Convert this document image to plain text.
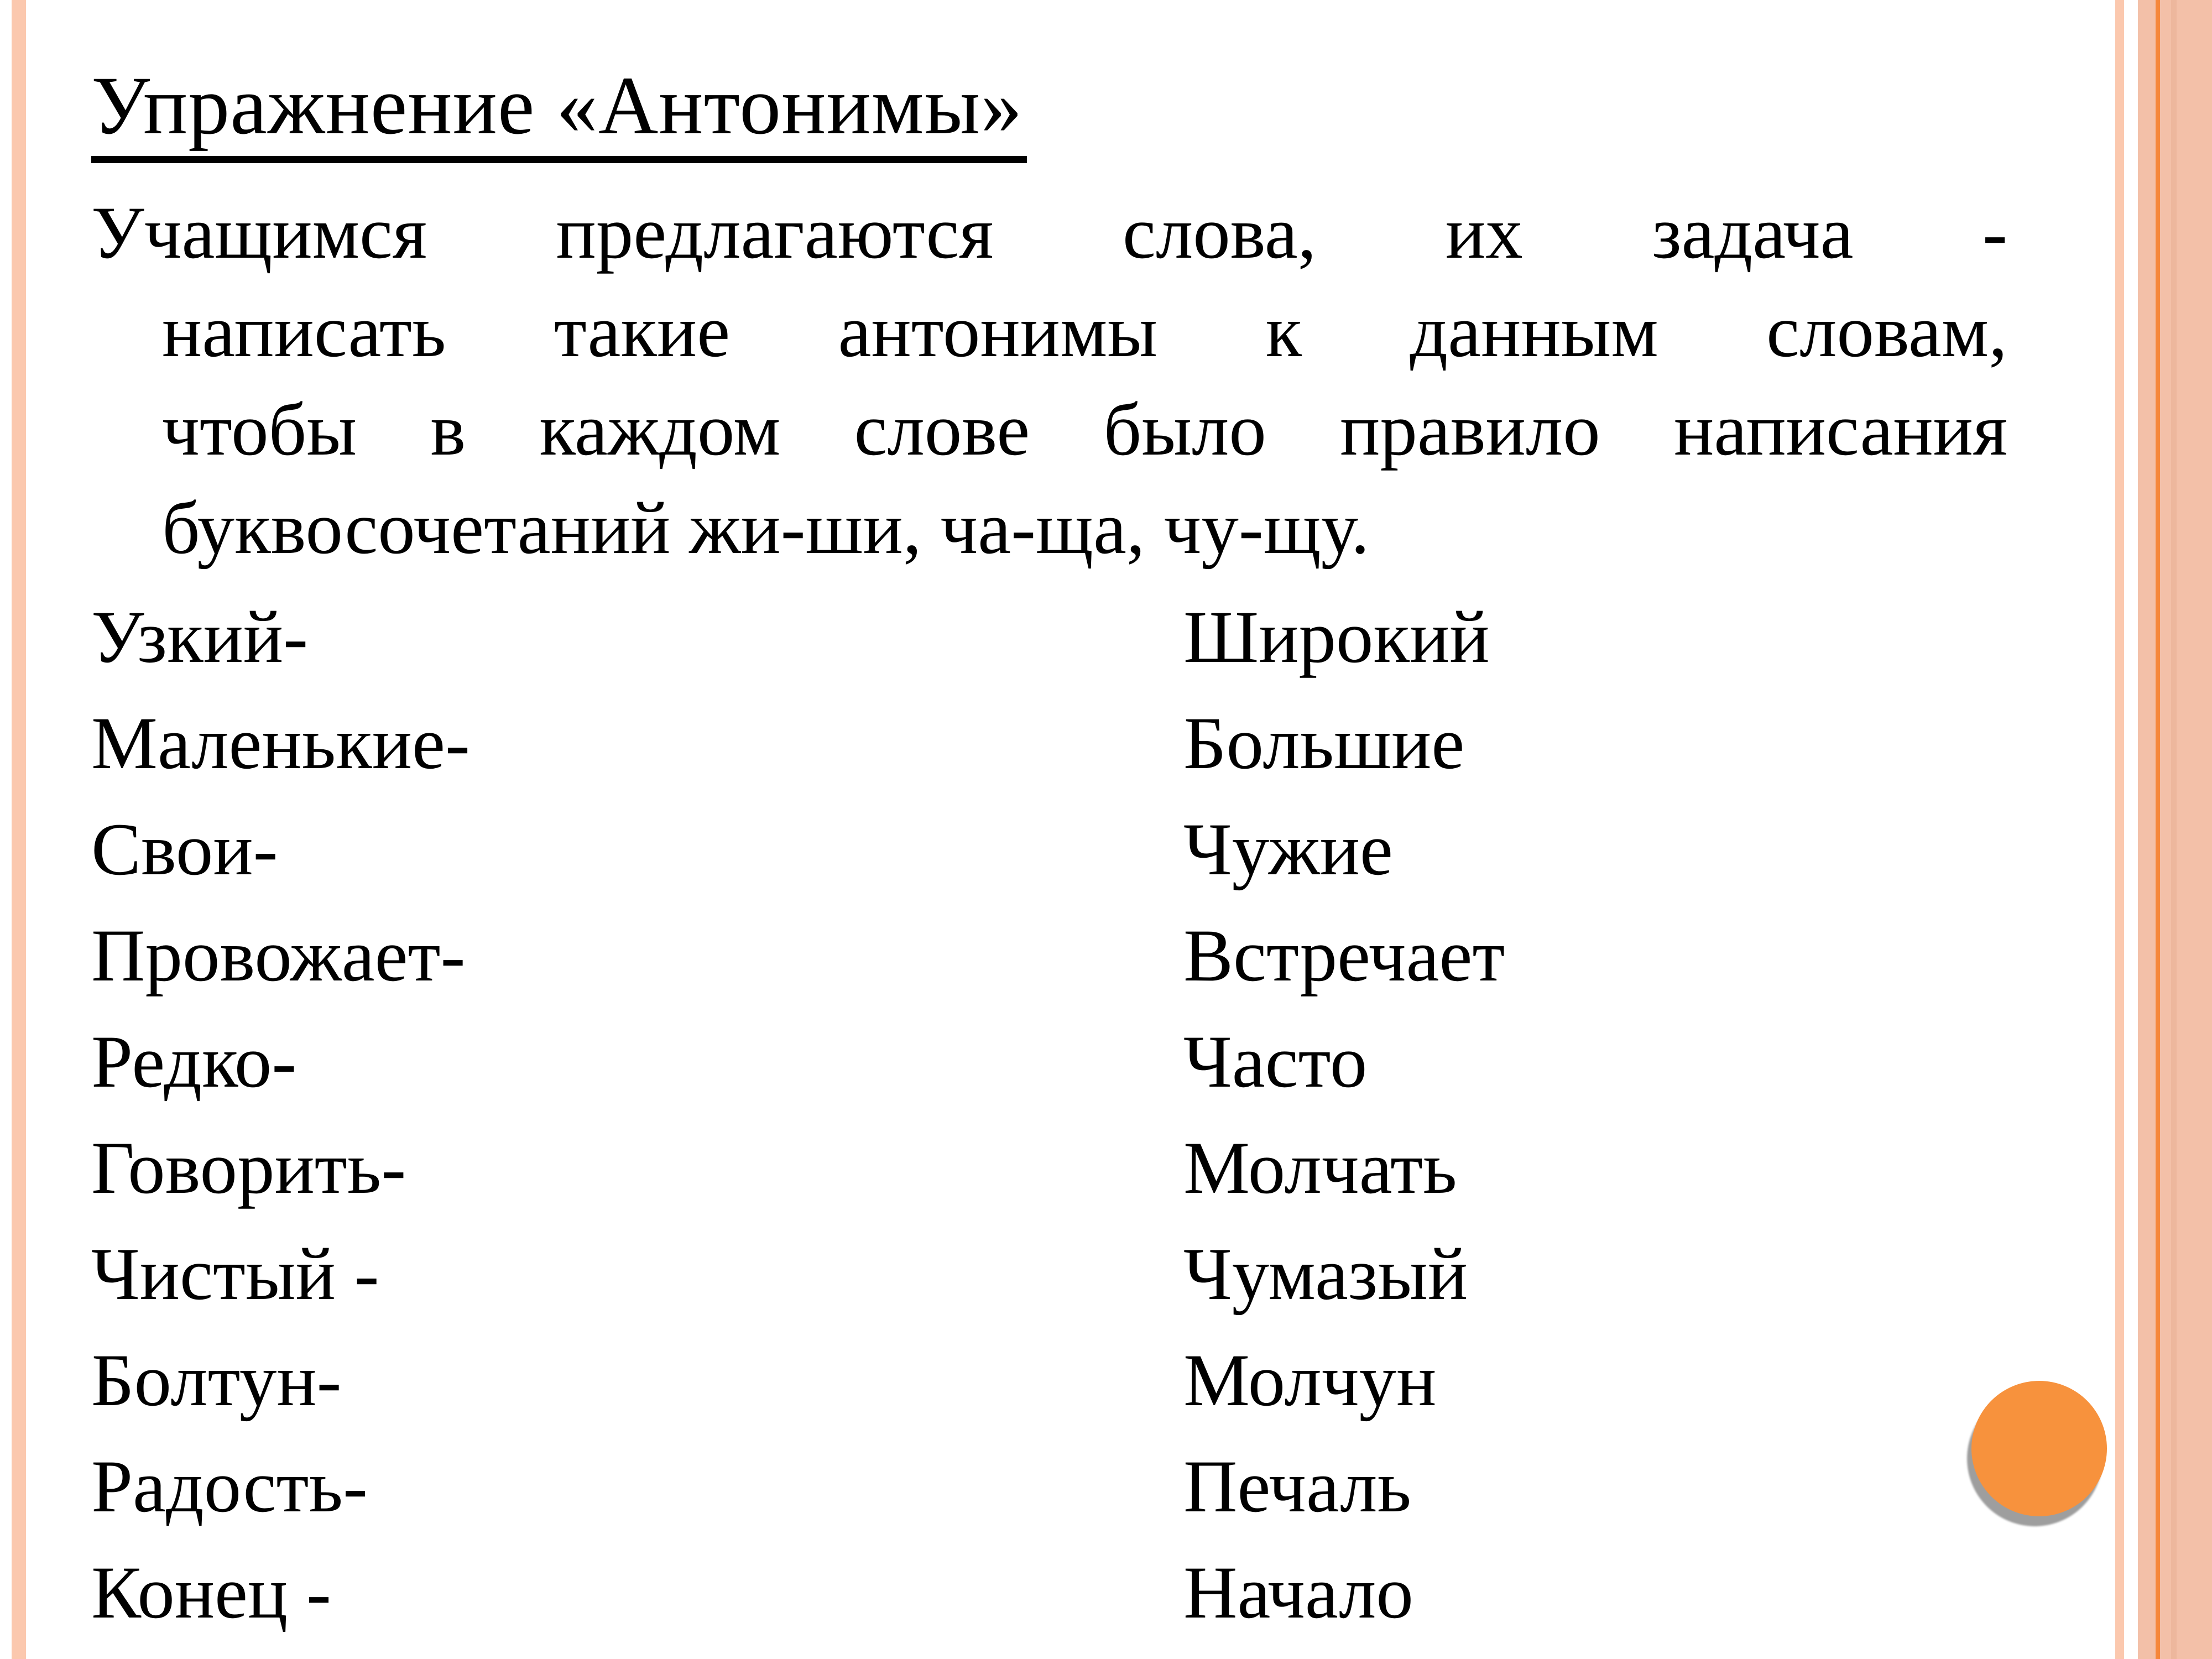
Упражнение «Антонимы»
Учащимся предлагаются слова, их задача -
написать такие антонимы к данным словам,
чтобы в каждом слове было правило написания
буквосочетаний жи-ши, ча-ща, чу-щу.
Узкий-	Широкий
Маленькие-	Большие
Свои-	Чужие
Провожает-	Встречает
Редко-	Часто
Говорить-	Молчать
Чистый -	Чумазый
Болтун-	Молчун
Радость-	Печаль
Конец -	Начало
